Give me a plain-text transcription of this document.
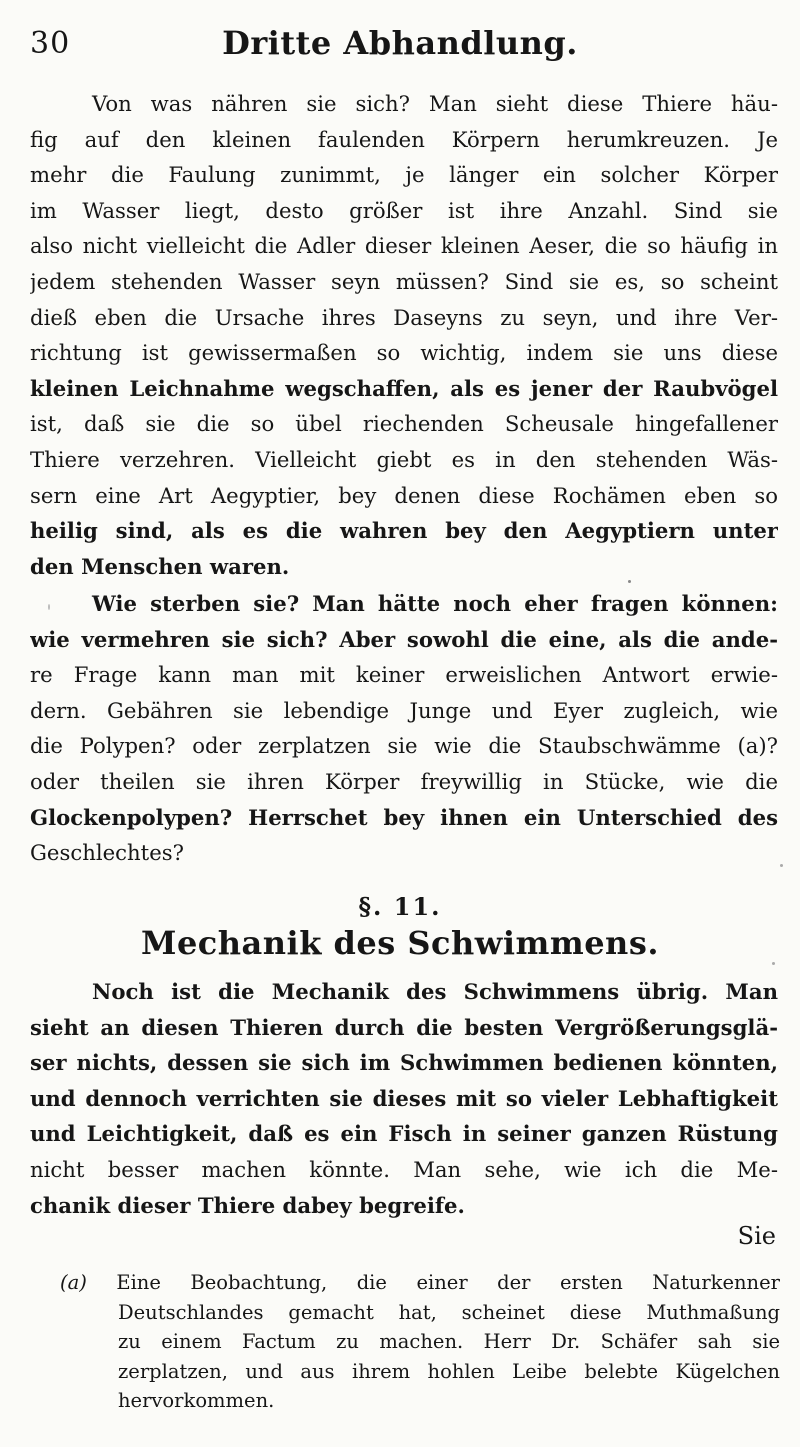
30	Dritte Abhandlung.

Von was nähren sie sich? Man sieht diese Thiere häu-

fig auf den kleinen faulenden Körpern herumkreuzen. Je

mehr die Faulung zunimmt, je länger ein solcher Körper

im Wasser liegt, desto größer ist ihre Anzahl. Sind sie

also nicht vielleicht die Adler dieser kleinen Aeser, die so häufig in

jedem stehenden Wasser seyn müssen? Sind sie es, so scheint

dieß eben die Ursache ihres Daseyns zu seyn, und ihre Ver-

richtung ist gewissermaßen so wichtig, indem sie uns diese

kleinen Leichnahme wegschaffen, als es jener der Raubvögel

ist, daß sie die so übel riechenden Scheusale hingefallener

Thiere verzehren. Vielleicht giebt es in den stehenden Wäs-

sern eine Art Aegyptier, bey denen diese Rochämen eben so

heilig sind, als es die wahren bey den Aegyptiern unter

den Menschen waren.

Wie sterben sie? Man hätte noch eher fragen können:

wie vermehren sie sich? Aber sowohl die eine, als die ande-

re Frage kann man mit keiner erweislichen Antwort erwie-

dern. Gebähren sie lebendige Junge und Eyer zugleich, wie

die Polypen? oder zerplatzen sie wie die Staubschwämme (a)?

oder theilen sie ihren Körper freywillig in Stücke, wie die

Glockenpolypen? Herrschet bey ihnen ein Unterschied des

Geschlechtes?

§. 11.
Mechanik des Schwimmens.

Noch ist die Mechanik des Schwimmens übrig. Man

sieht an diesen Thieren durch die besten Vergrößerungsglä-

ser nichts, dessen sie sich im Schwimmen bedienen könnten,

und dennoch verrichten sie dieses mit so vieler Lebhaftigkeit

und Leichtigkeit, daß es ein Fisch in seiner ganzen Rüstung

nicht besser machen könnte. Man sehe, wie ich die Me-

chanik dieser Thiere dabey begreife.

Sie

(a) Eine Beobachtung, die einer der ersten Naturkenner

Deutschlandes gemacht hat, scheinet diese Muthmaßung

zu einem Factum zu machen. Herr Dr. Schäfer sah sie

zerplatzen, und aus ihrem hohlen Leibe belebte Kügelchen

hervorkommen.
